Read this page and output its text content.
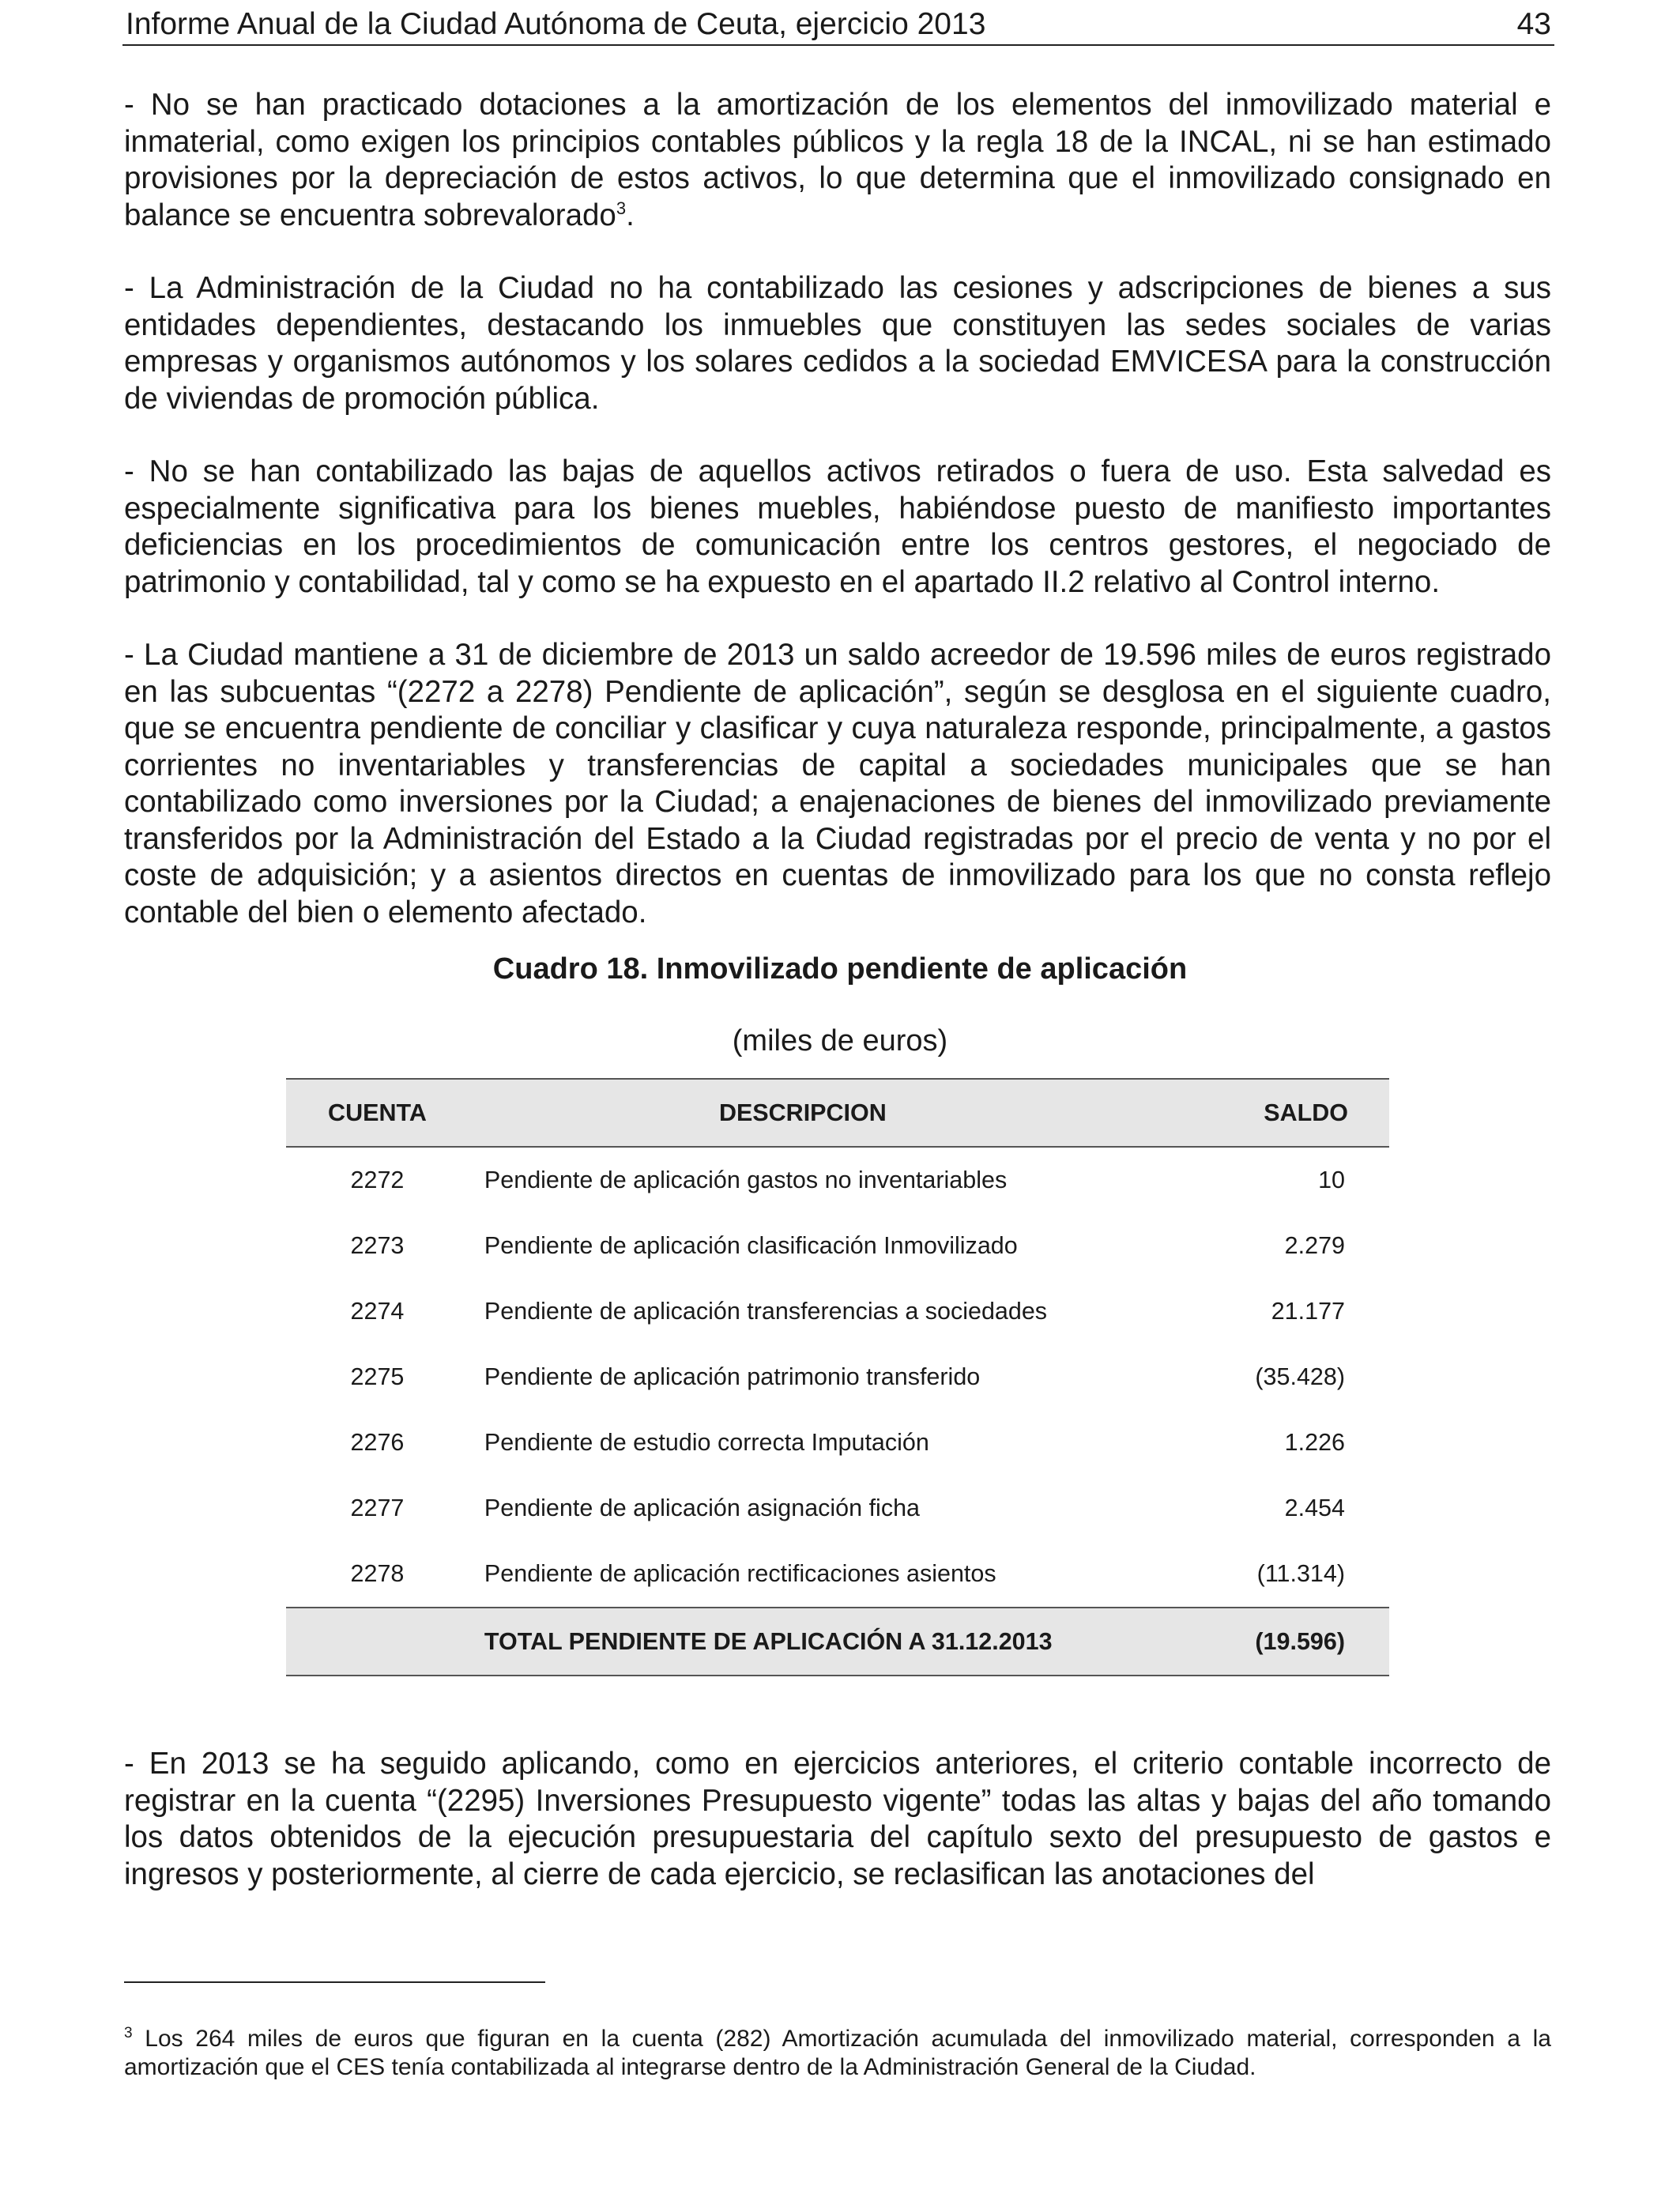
Informe Anual de la Ciudad Autónoma de Ceuta, ejercicio 2013	43

- No se han practicado dotaciones a la amortización de los elementos del inmovilizado material e inmaterial, como exigen los principios contables públicos y la regla 18 de la INCAL, ni se han estimado provisiones por la depreciación de estos activos, lo que determina que el inmovilizado consignado en balance se encuentra sobrevalorado$^3$.

- La Administración de la Ciudad no ha contabilizado las cesiones y adscripciones de bienes a sus entidades dependientes, destacando los inmuebles que constituyen las sedes sociales de varias empresas y organismos autónomos y los solares cedidos a la sociedad EMVICESA para la construcción de viviendas de promoción pública.

- No se han contabilizado las bajas de aquellos activos retirados o fuera de uso. Esta salvedad es especialmente significativa para los bienes muebles, habiéndose puesto de manifiesto importantes deficiencias en los procedimientos de comunicación entre los centros gestores, el negociado de patrimonio y contabilidad, tal y como se ha expuesto en el apartado II.2 relativo al Control interno.

- La Ciudad mantiene a 31 de diciembre de 2013 un saldo acreedor de 19.596 miles de euros registrado en las subcuentas “(2272 a 2278) Pendiente de aplicación”, según se desglosa en el siguiente cuadro, que se encuentra pendiente de conciliar y clasificar y cuya naturaleza responde, principalmente, a gastos corrientes no inventariables y transferencias de capital a sociedades municipales que se han contabilizado como inversiones por la Ciudad; a enajenaciones de bienes del inmovilizado previamente transferidos por la Administración del Estado a la Ciudad registradas por el precio de venta y no por el coste de adquisición; y a asientos directos en cuentas de inmovilizado para los que no consta reflejo contable del bien o elemento afectado.

Cuadro 18. Inmovilizado pendiente de aplicación
(miles de euros)
CUENTA	DESCRIPCION	SALDO
2272	Pendiente de aplicación gastos no inventariables	10
2273	Pendiente de aplicación clasificación Inmovilizado	2.279
2274	Pendiente de aplicación transferencias a sociedades	21.177
2275	Pendiente de aplicación patrimonio transferido	(35.428)
2276	Pendiente de estudio correcta Imputación	1.226
2277	Pendiente de aplicación asignación ficha	2.454
2278	Pendiente de aplicación rectificaciones asientos	(11.314)
	TOTAL PENDIENTE DE APLICACIÓN A 31.12.2013	(19.596)

- En 2013 se ha seguido aplicando, como en ejercicios anteriores, el criterio contable incorrecto de registrar en la cuenta “(2295) Inversiones Presupuesto vigente” todas las altas y bajas del año tomando los datos obtenidos de la ejecución presupuestaria del capítulo sexto del presupuesto de gastos e ingresos y posteriormente, al cierre de cada ejercicio, se reclasifican las anotaciones del

$^3$ Los 264 miles de euros que figuran en la cuenta (282) Amortización acumulada del inmovilizado material, corresponden a la amortización que el CES tenía contabilizada al integrarse dentro de la Administración General de la Ciudad.
